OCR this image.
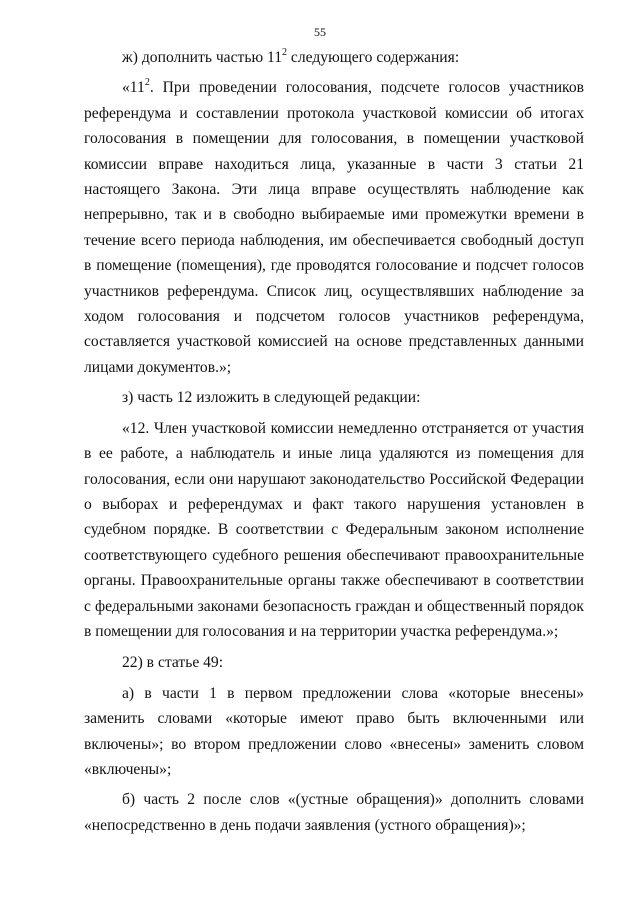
55

ж) дополнить частью $11^2$ следующего содержания:

«$11^2$. При проведении голосования, подсчете голосов участников референдума и составлении протокола участковой комиссии об итогах голосования в помещении для голосования, в помещении участковой комиссии вправе находиться лица, указанные в части 3 статьи 21 настоящего Закона. Эти лица вправе осуществлять наблюдение как непрерывно, так и в свободно выбираемые ими промежутки времени в течение всего периода наблюдения, им обеспечивается свободный доступ в помещение (помещения), где проводятся голосование и подсчет голосов участников референдума. Список лиц, осуществлявших наблюдение за ходом голосования и подсчетом голосов участников референдума, составляется участковой комиссией на основе представленных данными лицами документов.»;

з) часть 12 изложить в следующей редакции:

«12. Член участковой комиссии немедленно отстраняется от участия в ее работе, а наблюдатель и иные лица удаляются из помещения для голосования, если они нарушают законодательство Российской Федерации о выборах и референдумах и факт такого нарушения установлен в судебном порядке. В соответствии с Федеральным законом исполнение соответствующего судебного решения обеспечивают правоохранительные органы. Правоохранительные органы также обеспечивают в соответствии с федеральными законами безопасность граждан и общественный порядок в помещении для голосования и на территории участка референдума.»;

22) в статье 49:

а) в части 1 в первом предложении слова «которые внесены» заменить словами «которые имеют право быть включенными или включены»; во втором предложении слово «внесены» заменить словом «включены»;

б) часть 2 после слов «(устные обращения)» дополнить словами «непосредственно в день подачи заявления (устного обращения)»;
